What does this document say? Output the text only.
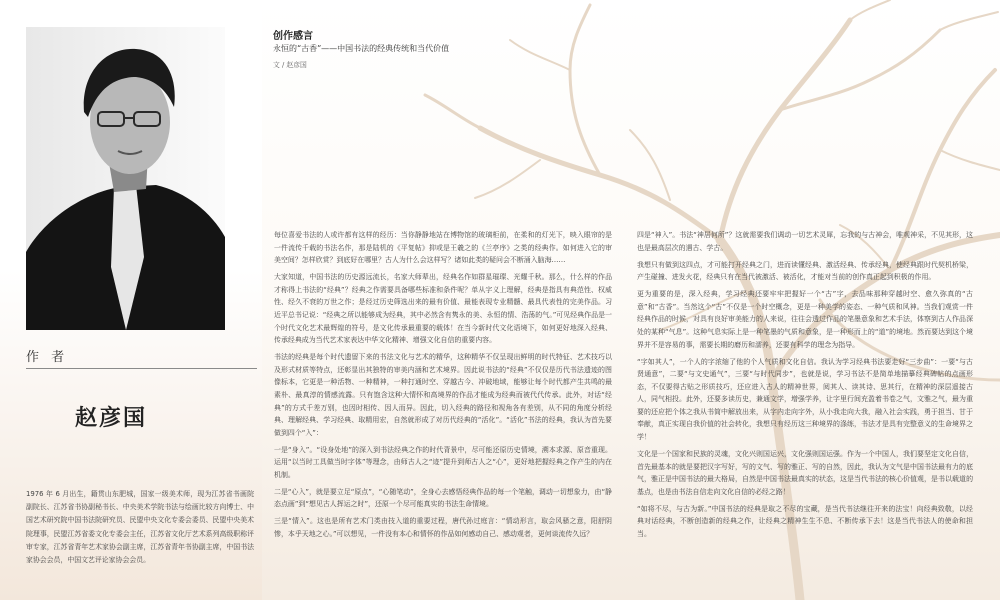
作 者
赵彦国
1976 年 6 月出生，籍贯山东肥城，国家一级美术师，现为江苏省书画院副院长、江苏省书协副秘书长、中央美术学院书法与绘画比较方向博士、中国艺术研究院中国书法院研究员、民盟中央文化专委会委员、民盟中央美术院理事，民盟江苏省委文化专委会主任，江苏省文化厅艺术系列高级职称评审专家，江苏省青年艺术家协会副主席，江苏省青年书协副主席，中国书法家协会会员，中国文艺评论家协会会员。
创作感言
永恒的“古香”——中国书法的经典传统和当代价值
文 / 赵彦国

每位喜爱书法的人或许都有这样的经历：当你静静地站在博物馆的玻璃柜前，在柔和的灯光下，映入眼帘的是一件流传千载的书法名作，那是陆机的《平复帖》抑或是王羲之的《兰亭序》之类的经典作。如何进入它的审美空间？怎样欣赏？到底好在哪里？古人为什么会这样写？诸如此类的疑问会不断涌入脑海……

大家知道，中国书法的历史源远流长，名家大师辈出，经典名作如群星璀璨、光耀千秋。那么，什么样的作品才称得上书法的“经典”？经典之作需要具备哪些标准和条件呢？单从字义上理解，经典是指具有典范性、权威性、经久不衰的万世之作；是经过历史筛选出来的最有价值、最能表现专业精髓、最具代表性的完美作品。习近平总书记说：“经典之所以能够成为经典，其中必然含有隽永的美、永恒的情、浩荡的气。”可见经典作品是一个时代文化艺术最辉煌的符号，是文化传承最重要的载体！在当今新时代文化语境下，如何更好地深入经典、传承经典成为当代艺术家表达中华文化精神、增强文化自信的重要内容。

书法的经典是每个时代遗留下来的书法文化与艺术的精华，这种精华不仅呈现出鲜明的时代特征、艺术技巧以及形式材质等特点，还彰显出其独特的审美内涵和艺术境界。因此说书法的“经典”不仅仅是历代书法遗迹的图像标本，它更是一种活物、一种精神，一种打通时空、穿越古今、冲破地域，能够让每个时代都产生共鸣的最素朴、最真淳的情感流露。只有饱含这种大情怀和高境界的作品才能成为经典而被代代传承。此外，对话“经典”的方式千差万别，也因时相传、因人而异。因此，切入经典的路径和视角各有差别，从不同的角度分析经典、理解经典、学习经典、取精用宏，自然就形成了对历代经典的“活化”。“活化”书法的经典，我认为首先要做到四个“入”：

一是“身入”。“设身处地”的深入到书法经典之作的时代背景中，尽可能还原历史情境，溯本求源、原音重现。运用“以当时工具做当时字体”等理念，由师古人之“迹”提升到师古人之“心”，更好地把握经典之作产生的内在机制。

二是“心入”，就是要立足“原点”，“心随笔动”，全身心去感悟经典作品的每一个笔触，调动一切想象力，由“静态点画”到“想见古人挥运之时”，还原一个尽可能真实的书法生命情境。

三是“情入”。这也是所有艺术门类由技入道的重要过程，唐代孙过庭言：“情动形言，取会风骚之意，阳舒阴惨，本乎天地之心。”可以想见，一件没有本心和情怀的作品如何感动自己、感动观者，更何谈流传久远？

四是“神入”。书法“神居何所”？这就需要我们调动一切艺术灵犀，忘我的与古神会，唯观神采，不见其形，这也是最高层次的遇古、学古。

我想只有做到这四点，才可能打开经典之门，进而读懂经典、激活经典、传承经典，使经典跟时代契机桥梁，产生碰撞、进发火花，经典只有在当代被激活、被活化，才能对当前的创作真正起到积极的作用。

更为重要的是，深入经典，学习经典还要牢牢把握好一个“古”字，去品味那种穿越时空、愈久弥真的“古意”和“古香”。当然这个“古”不仅是一个时空概念，更是一种美学的姿态、一种气质和风神。当我们观赏一件经典作品的时候，对具有良好审美能力的人来说，往往会透过作品的笔墨意象和艺术手法，体察到古人作品深处的某种“气息”。这种气息实际上是一种笔墨的气质和意象，是一种形而上的“道”的境地。然而要达到这个境界并不是容易的事，需要长期的磨历和濡养，还要有科学的理念为指导。

“字如其人”，一个人的字浓缩了他的个人气质和文化自信。我认为学习经典书法要走好“三步曲”：一要“与古贤通意”，二要“与文史通气”，三要“与时代同步”，也就是说，学习书法不是简单地描摹经典碑帖的点画形态，不仅要得古贴之形质技巧，还应进入古人的精神世界，阅其人、读其诗、思其行，在精神的深层遥接古人，同气相投。此外，还要多读历史，兼通文学，增强学养，让字里行间充盈着书卷之气，文雅之气，最为重要的还应把个体之我从书简中解放出来，从字内走向字外，从小我走向大我，融入社会实践，勇于担当、甘于奉献，真正实现自我价值的社会转化，我想只有经历这三种境界的涤练，书法才是具有完整意义的生命境界之学！

文化是一个国家和民族的灵魂，文化兴则国运兴，文化强则国运强。作为一个中国人，我们要坚定文化自信，首先最基本的就是要把汉字写好，写的文气、写的雅正、写的自然，因此，我认为文气是中国书法最有力的底气，雅正是中国书法的最大格局，自然是中国书法最真实的状态，这是当代书法的核心价值观，是书以载道的基点，也是由书法自信走向文化自信的必经之路！

“如将不尽，与古为新。”中国书法的经典是取之不尽的宝藏，是当代书法继往开来的法宝！向经典致敬，以经典对话经典，不断创造新的经典之作，让经典之精神生生不息、不断传承下去！这是当代书法人的使命和担当。
